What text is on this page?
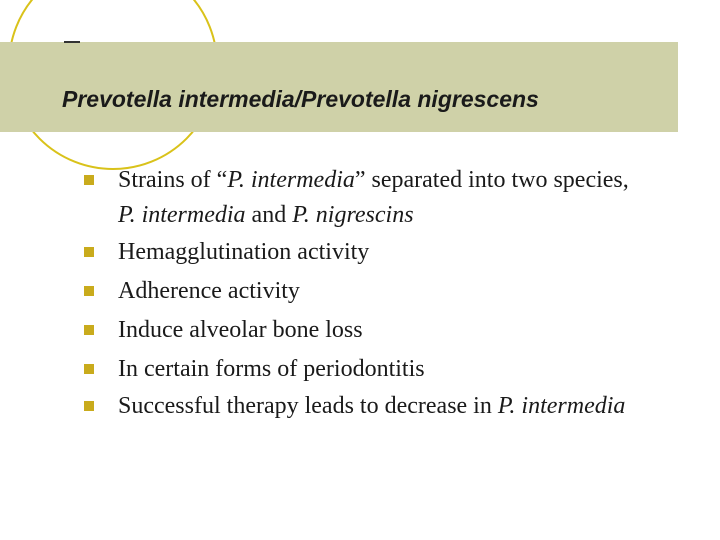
Prevotella intermedia/Prevotella nigrescens
Strains of “P. intermedia” separated into two species, P. intermedia and P. nigrescins
Hemagglutination activity
Adherence activity
Induce alveolar bone loss
In certain forms of periodontitis
Successful therapy leads to decrease in P. intermedia
